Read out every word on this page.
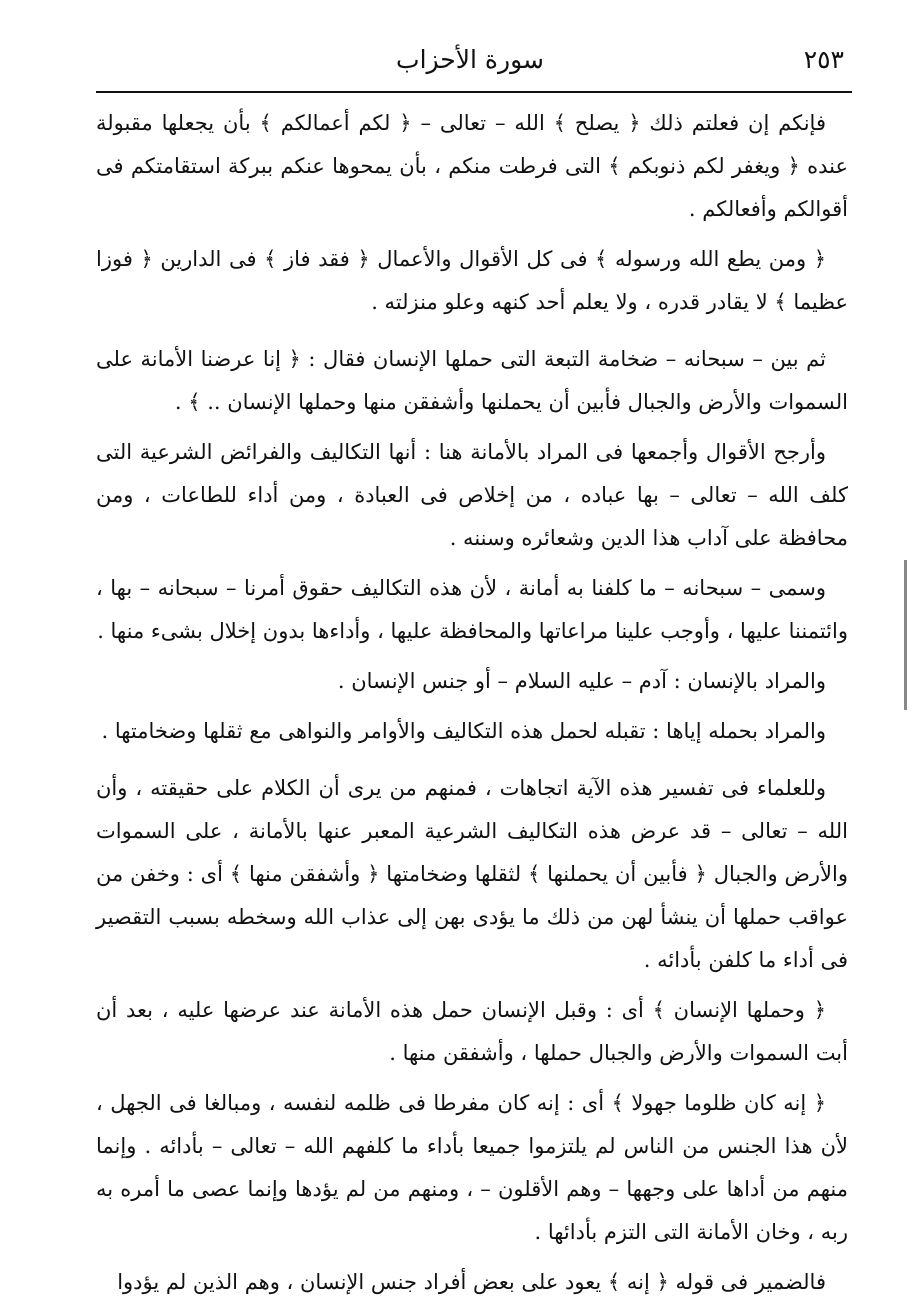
سورة الأحزاب	٢٥٣

فإنكم إن فعلتم ذلك ﴿ يصلح ﴾ الله – تعالى – ﴿ لكم أعمالكم ﴾ بأن يجعلها مقبولة عنده ﴿ ويغفر لكم ذنوبكم ﴾ التى فرطت منكم ، بأن يمحوها عنكم ببركة استقامتكم فى أقوالكم وأفعالكم .

﴿ ومن يطع الله ورسوله ﴾ فى كل الأقوال والأعمال ﴿ فقد فاز ﴾ فى الدارين ﴿ فوزا عظيما ﴾ لا يقادر قدره ، ولا يعلم أحد كنهه وعلو منزلته .

ثم بين – سبحانه – ضخامة التبعة التى حملها الإنسان فقال : ﴿ إنا عرضنا الأمانة على السموات والأرض والجبال فأبين أن يحملنها وأشفقن منها وحملها الإنسان .. ﴾ .

وأرجح الأقوال وأجمعها فى المراد بالأمانة هنا : أنها التكاليف والفرائض الشرعية التى كلف الله – تعالى – بها عباده ، من إخلاص فى العبادة ، ومن أداء للطاعات ، ومن محافظة على آداب هذا الدين وشعائره وسننه .

وسمى – سبحانه – ما كلفنا به أمانة ، لأن هذه التكاليف حقوق أمرنا – سبحانه – بها ، وائتمننا عليها ، وأوجب علينا مراعاتها والمحافظة عليها ، وأداءها بدون إخلال بشىء منها .

والمراد بالإنسان : آدم – عليه السلام – أو جنس الإنسان .

والمراد بحمله إياها : تقبله لحمل هذه التكاليف والأوامر والنواهى مع ثقلها وضخامتها .

وللعلماء فى تفسير هذه الآية اتجاهات ، فمنهم من يرى أن الكلام على حقيقته ، وأن الله – تعالى – قد عرض هذه التكاليف الشرعية المعبر عنها بالأمانة ، على السموات والأرض والجبال ﴿ فأبين أن يحملنها ﴾ لثقلها وضخامتها ﴿ وأشفقن منها ﴾ أى : وخفن من عواقب حملها أن ينشأ لهن من ذلك ما يؤدى بهن إلى عذاب الله وسخطه بسبب التقصير فى أداء ما كلفن بأدائه .

﴿ وحملها الإنسان ﴾ أى : وقبل الإنسان حمل هذه الأمانة عند عرضها عليه ، بعد أن أبت السموات والأرض والجبال حملها ، وأشفقن منها .

﴿ إنه كان ظلوما جهولا ﴾ أى : إنه كان مفرطا فى ظلمه لنفسه ، ومبالغا فى الجهل ، لأن هذا الجنس من الناس لم يلتزموا جميعا بأداء ما كلفهم الله – تعالى – بأدائه . وإنما منهم من أداها على وجهها – وهم الأقلون – ، ومنهم من لم يؤدها وإنما عصى ما أمره به ربه ، وخان الأمانة التى التزم بأدائها .

فالضمير فى قوله ﴿ إنه ﴾ يعود على بعض أفراد جنس الإنسان ، وهم الذين لم يؤدوا
